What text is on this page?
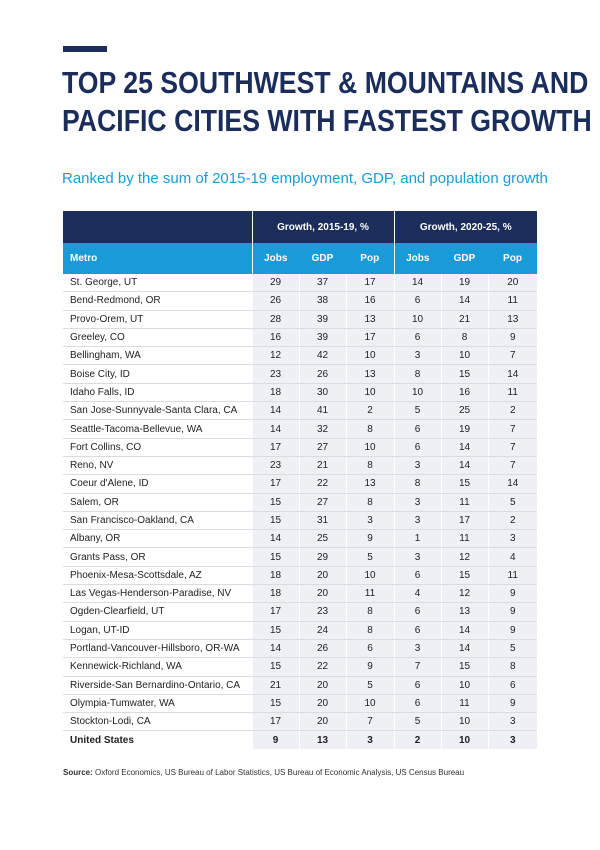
TOP 25 SOUTHWEST & MOUNTAINS AND
PACIFIC CITIES WITH FASTEST GROWTH

Ranked by the sum of 2015-19 employment, GDP, and population growth

	Growth, 2015-19, %			Growth, 2020-25, %		
Metro	Jobs	GDP	Pop	Jobs	GDP	Pop
St. George, UT	29	37	17	14	19	20
Bend-Redmond, OR	26	38	16	6	14	11
Provo-Orem, UT	28	39	13	10	21	13
Greeley, CO	16	39	17	6	8	9
Bellingham, WA	12	42	10	3	10	7
Boise City, ID	23	26	13	8	15	14
Idaho Falls, ID	18	30	10	10	16	11
San Jose-Sunnyvale-Santa Clara, CA	14	41	2	5	25	2
Seattle-Tacoma-Bellevue, WA	14	32	8	6	19	7
Fort Collins, CO	17	27	10	6	14	7
Reno, NV	23	21	8	3	14	7
Coeur d'Alene, ID	17	22	13	8	15	14
Salem, OR	15	27	8	3	11	5
San Francisco-Oakland, CA	15	31	3	3	17	2
Albany, OR	14	25	9	1	11	3
Grants Pass, OR	15	29	5	3	12	4
Phoenix-Mesa-Scottsdale, AZ	18	20	10	6	15	11
Las Vegas-Henderson-Paradise, NV	18	20	11	4	12	9
Ogden-Clearfield, UT	17	23	8	6	13	9
Logan, UT-ID	15	24	8	6	14	9
Portland-Vancouver-Hillsboro, OR-WA	14	26	6	3	14	5
Kennewick-Richland, WA	15	22	9	7	15	8
Riverside-San Bernardino-Ontario, CA	21	20	5	6	10	6
Olympia-Tumwater, WA	15	20	10	6	11	9
Stockton-Lodi, CA	17	20	7	5	10	3
United States	9	13	3	2	10	3

Source: Oxford Economics, US Bureau of Labor Statistics, US Bureau of Economic Analysis, US Census Bureau
